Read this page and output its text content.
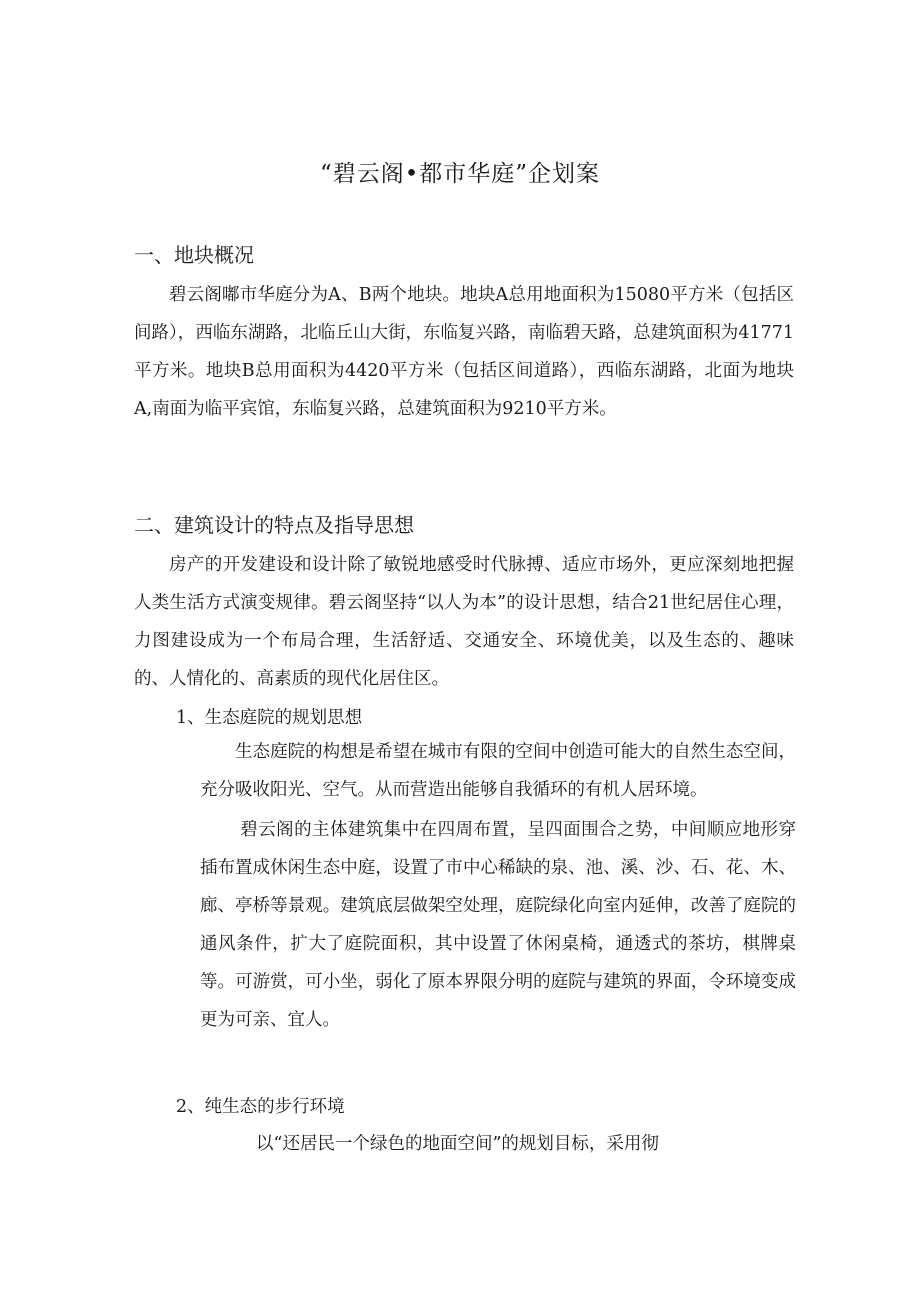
“碧云阁•都市华庭”企划案
一、地块概况

碧云阁嘟市华庭分为A、B两个地块。地块A总用地面积为15080平方米（包括区间路），西临东湖路，北临丘山大街，东临复兴路，南临碧天路，总建筑面积为41771平方米。地块B总用面积为4420平方米（包括区间道路），西临东湖路，北面为地块A,南面为临平宾馆，东临复兴路，总建筑面积为9210平方米。

二、建筑设计的特点及指导思想

房产的开发建设和设计除了敏锐地感受时代脉搏、适应市场外，更应深刻地把握人类生活方式演变规律。碧云阁坚持“以人为本”的设计思想，结合21世纪居住心理，力图建设成为一个布局合理，生活舒适、交通安全、环境优美，以及生态的、趣味的、人情化的、高素质的现代化居住区。

1、生态庭院的规划思想

生态庭院的构想是希望在城市有限的空间中创造可能大的自然生态空间，充分吸收阳光、空气。从而营造出能够自我循环的有机人居环境。

碧云阁的主体建筑集中在四周布置，呈四面围合之势，中间顺应地形穿插布置成休闲生态中庭，设置了市中心稀缺的泉、池、溪、沙、石、花、木、廊、亭桥等景观。建筑底层做架空处理，庭院绿化向室内延伸，改善了庭院的通风条件，扩大了庭院面积，其中设置了休闲桌椅，通透式的茶坊，棋牌桌等。可游赏，可小坐，弱化了原本界限分明的庭院与建筑的界面，令环境变成更为可亲、宜人。

2、纯生态的步行环境

以“还居民一个绿色的地面空间”的规划目标，采用彻
